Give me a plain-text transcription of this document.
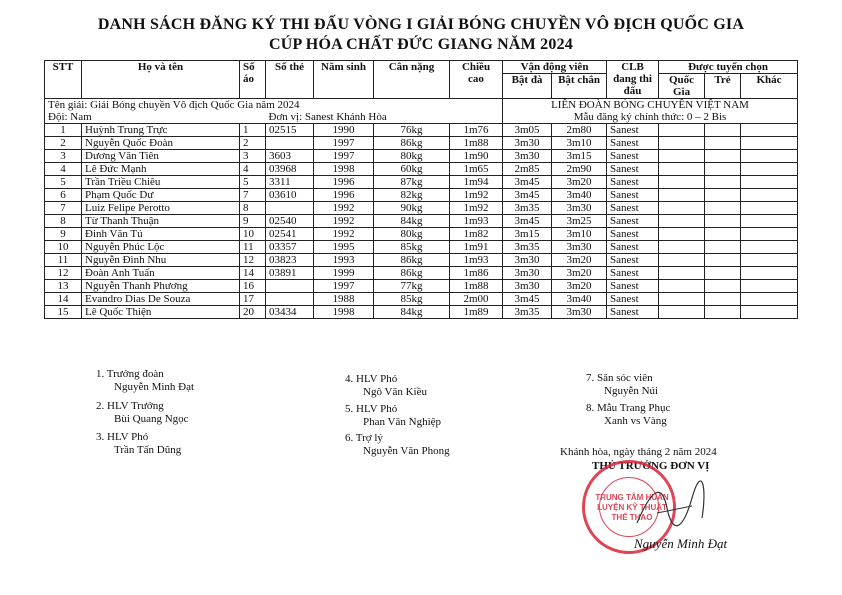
DANH SÁCH ĐĂNG KÝ THI ĐẤU VÒNG I GIẢI BÓNG CHUYỀN VÔ ĐỊCH QUỐC GIA
CÚP HÓA CHẤT ĐỨC GIANG NĂM 2024
Tên giải: Giải Bóng chuyền Vô địch Quốc Gia năm 2024							LIÊN ĐOÀN BÓNG CHUYỀN VIỆT NAM					
Đội: Nam			Đơn vị: Sanest Khánh Hòa				Mẫu đăng ký chính thức: 0 – 2 Bis					
STT	Họ và tên	Số áo	Số thẻ	Năm sinh	Cân nặng	Chiều cao	Vận động viên		CLB đang thi đấu	Được tuyển chọn		
							Bật đà	Bật chắn		Quốc Gia	Trẻ	Khác
1	Huỳnh Trung Trực	1	02515	1990	76kg	1m76	3m05	2m80	Sanest			
2	Nguyễn Quốc Đoàn	2		1997	86kg	1m88	3m30	3m10	Sanest			
3	Dương Văn Tiên	3	3603	1997	80kg	1m90	3m30	3m15	Sanest			
4	Lê Đức Mạnh	4	03968	1998	60kg	1m65	2m85	2m90	Sanest			
5	Trần Triều Chiêu	5	3311	1996	87kg	1m94	3m45	3m20	Sanest			
6	Phạm Quốc Dư	7	03610	1996	82kg	1m92	3m45	3m40	Sanest			
7	Luiz Felipe Perotto	8		1992	90kg	1m92	3m35	3m30	Sanest			
8	Từ Thanh Thuận	9	02540	1992	84kg	1m93	3m45	3m25	Sanest			
9	Đinh Văn Tú	10	02541	1992	80kg	1m82	3m15	3m10	Sanest			
10	Nguyễn Phúc Lộc	11	03357	1995	85kg	1m91	3m35	3m30	Sanest			
11	Nguyễn Đình Nhu	12	03823	1993	86kg	1m93	3m30	3m20	Sanest			
12	Đoàn Anh Tuấn	14	03891	1999	86kg	1m86	3m30	3m20	Sanest			
13	Nguyễn Thanh Phương	16		1997	77kg	1m88	3m30	3m20	Sanest			
14	Evandro Dias De Souza	17		1988	85kg	2m00	3m45	3m40	Sanest			
15	Lê Quốc Thiện	20	03434	1998	84kg	1m89	3m35	3m30	Sanest			
1. Trưởng đoàn
Nguyễn Minh Đạt
2. HLV Trưởng
Bùi Quang Ngọc
3. HLV Phó
Trần Tấn Dũng
4. HLV Phó
Ngô Văn Kiều
5. HLV Phó
Phan Văn Nghiệp
6. Trợ lý
Nguyễn Văn Phong
7. Săn sóc viên
Nguyễn Núi
8. Mẫu Trang Phục
Xanh vs Vàng
Khánh hòa, ngày tháng 2 năm 2024
THỦ TRƯỞNG ĐƠN VỊ
TRUNG TÂM HUẤN LUYỆN KỸ THUẬT THỂ THAO
Nguyễn Minh Đạt
